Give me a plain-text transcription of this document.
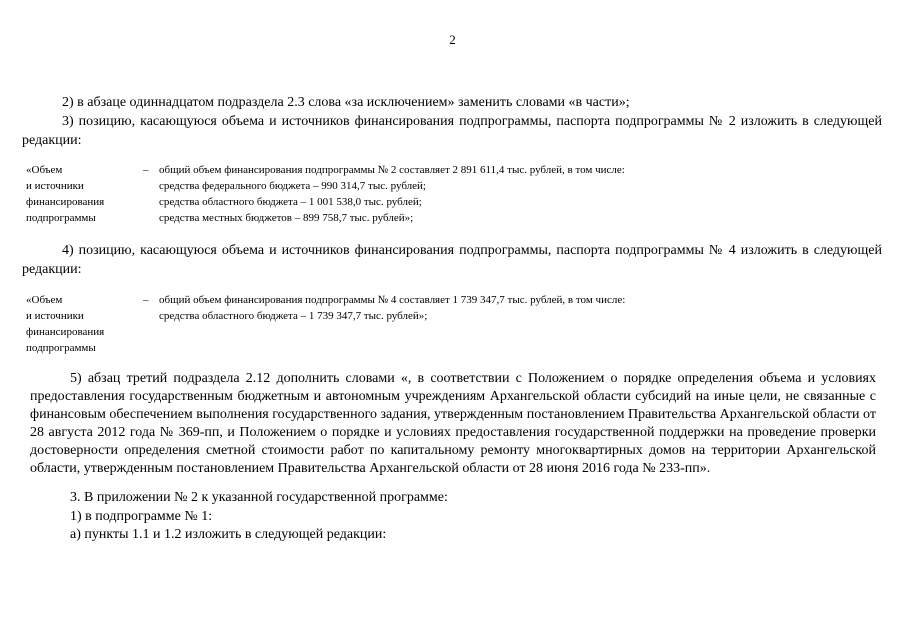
2

2) в абзаце одиннадцатом подраздела 2.3 слова «за исключением» заменить словами «в части»;

3) позицию, касающуюся объема и источников финансирования подпрограммы, паспорта подпрограммы № 2 изложить в следующей редакции:

«Объем
и источники
финансирования
подпрограммы
– общий объем финансирования подпрограммы № 2 составляет 2 891 611,4 тыс. рублей, в том числе:
средства федерального бюджета – 990 314,7 тыс. рублей;
средства областного бюджета – 1 001 538,0 тыс. рублей;
средства местных бюджетов – 899 758,7 тыс. рублей»;

4) позицию, касающуюся объема и источников финансирования подпрограммы, паспорта подпрограммы № 4 изложить в следующей редакции:

«Объем
и источники
финансирования
подпрограммы
– общий объем финансирования подпрограммы № 4 составляет 1 739 347,7 тыс. рублей, в том числе:
средства областного бюджета – 1 739 347,7 тыс. рублей»;

5) абзац третий подраздела 2.12 дополнить словами «, в соответствии с Положением о порядке определения объема и условиях предоставления государственным бюджетным и автономным учреждениям Архангельской области субсидий на иные цели, не связанные с финансовым обеспечением выполнения государственного задания, утвержденным постановлением Правительства Архангельской области от 28 августа 2012 года № 369-пп, и Положением о порядке и условиях предоставления государственной поддержки на проведение проверки достоверности определения сметной стоимости работ по капитальному ремонту многоквартирных домов на территории Архангельской области, утвержденным постановлением Правительства Архангельской области от 28 июня 2016 года № 233-пп».

3. В приложении № 2 к указанной государственной программе:

1) в подпрограмме № 1:

а) пункты 1.1 и 1.2 изложить в следующей редакции:
